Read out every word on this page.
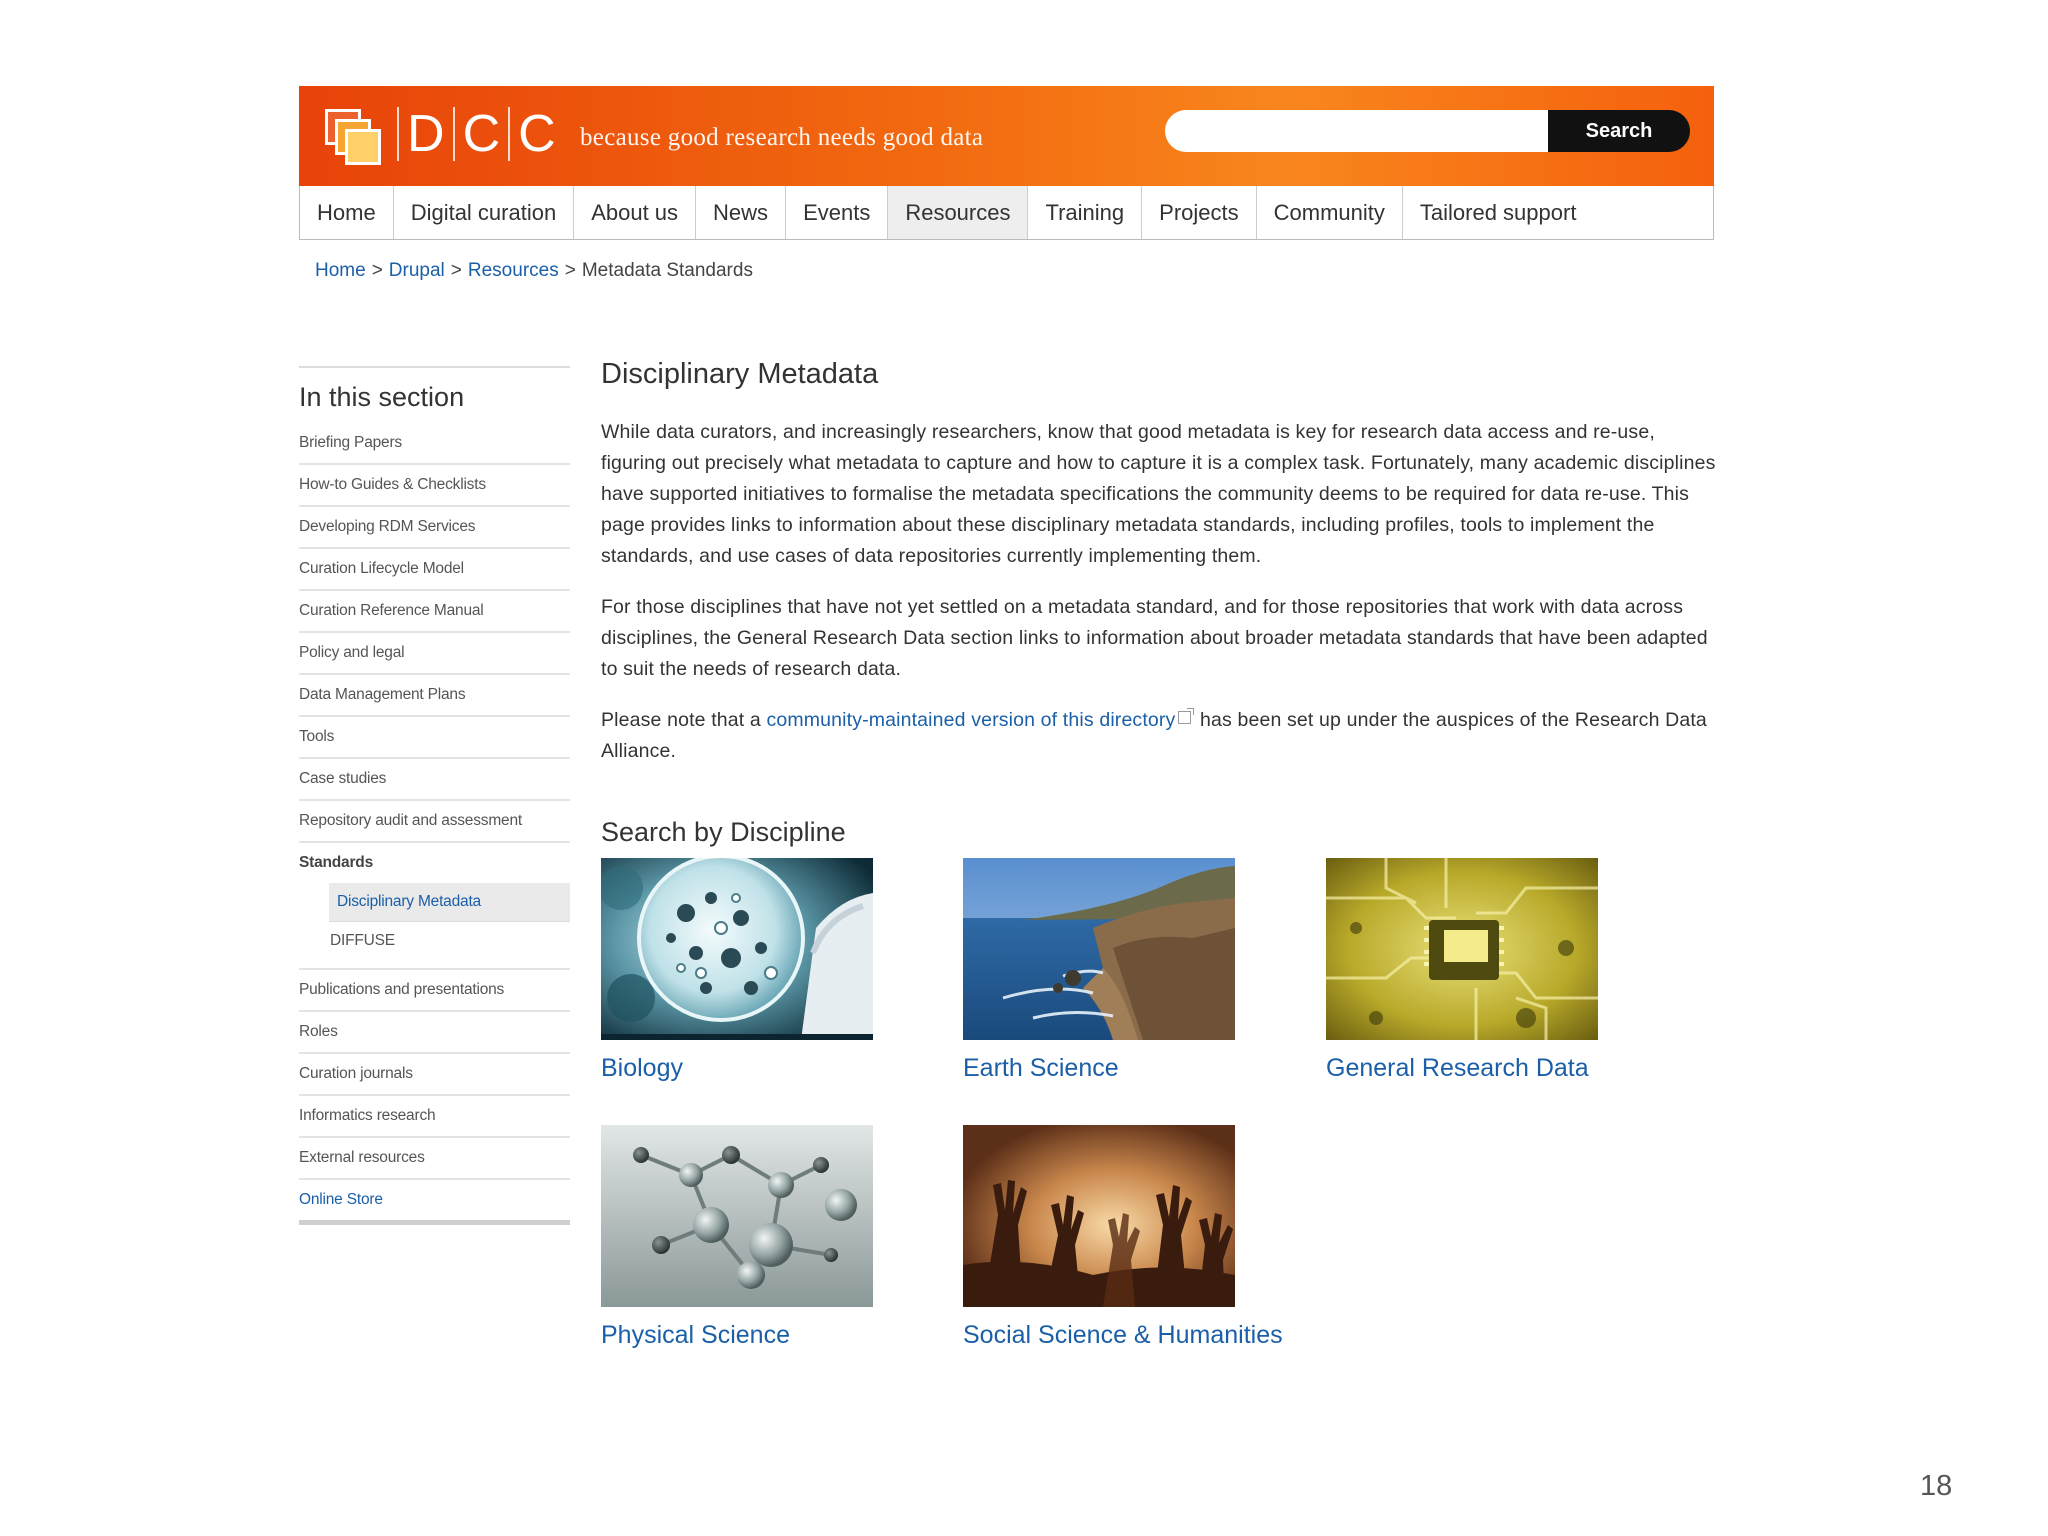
D C C because good research needs good data	Search
Home	Digital curation	About us	News	Events	Resources	Training	Projects	Community	Tailored support
Home > Drupal > Resources > Metadata Standards
In this section
Briefing Papers
How-to Guides & Checklists
Developing RDM Services
Curation Lifecycle Model
Curation Reference Manual
Policy and legal
Data Management Plans
Tools
Case studies
Repository audit and assessment
Standards
Disciplinary Metadata
DIFFUSE
Publications and presentations
Roles
Curation journals
Informatics research
External resources
Online Store
Disciplinary Metadata

While data curators, and increasingly researchers, know that good metadata is key for research data access and re-use, figuring out precisely what metadata to capture and how to capture it is a complex task. Fortunately, many academic disciplines have supported initiatives to formalise the metadata specifications the community deems to be required for data re-use. This page provides links to information about these disciplinary metadata standards, including profiles, tools to implement the standards, and use cases of data repositories currently implementing them.

For those disciplines that have not yet settled on a metadata standard, and for those repositories that work with data across disciplines, the General Research Data section links to information about broader metadata standards that have been adapted to suit the needs of research data.

Please note that a community-maintained version of this directory has been set up under the auspices of the Research Data Alliance.

Search by Discipline
Biology	Earth Science	General Research Data
Physical Science	Social Science & Humanities
18
